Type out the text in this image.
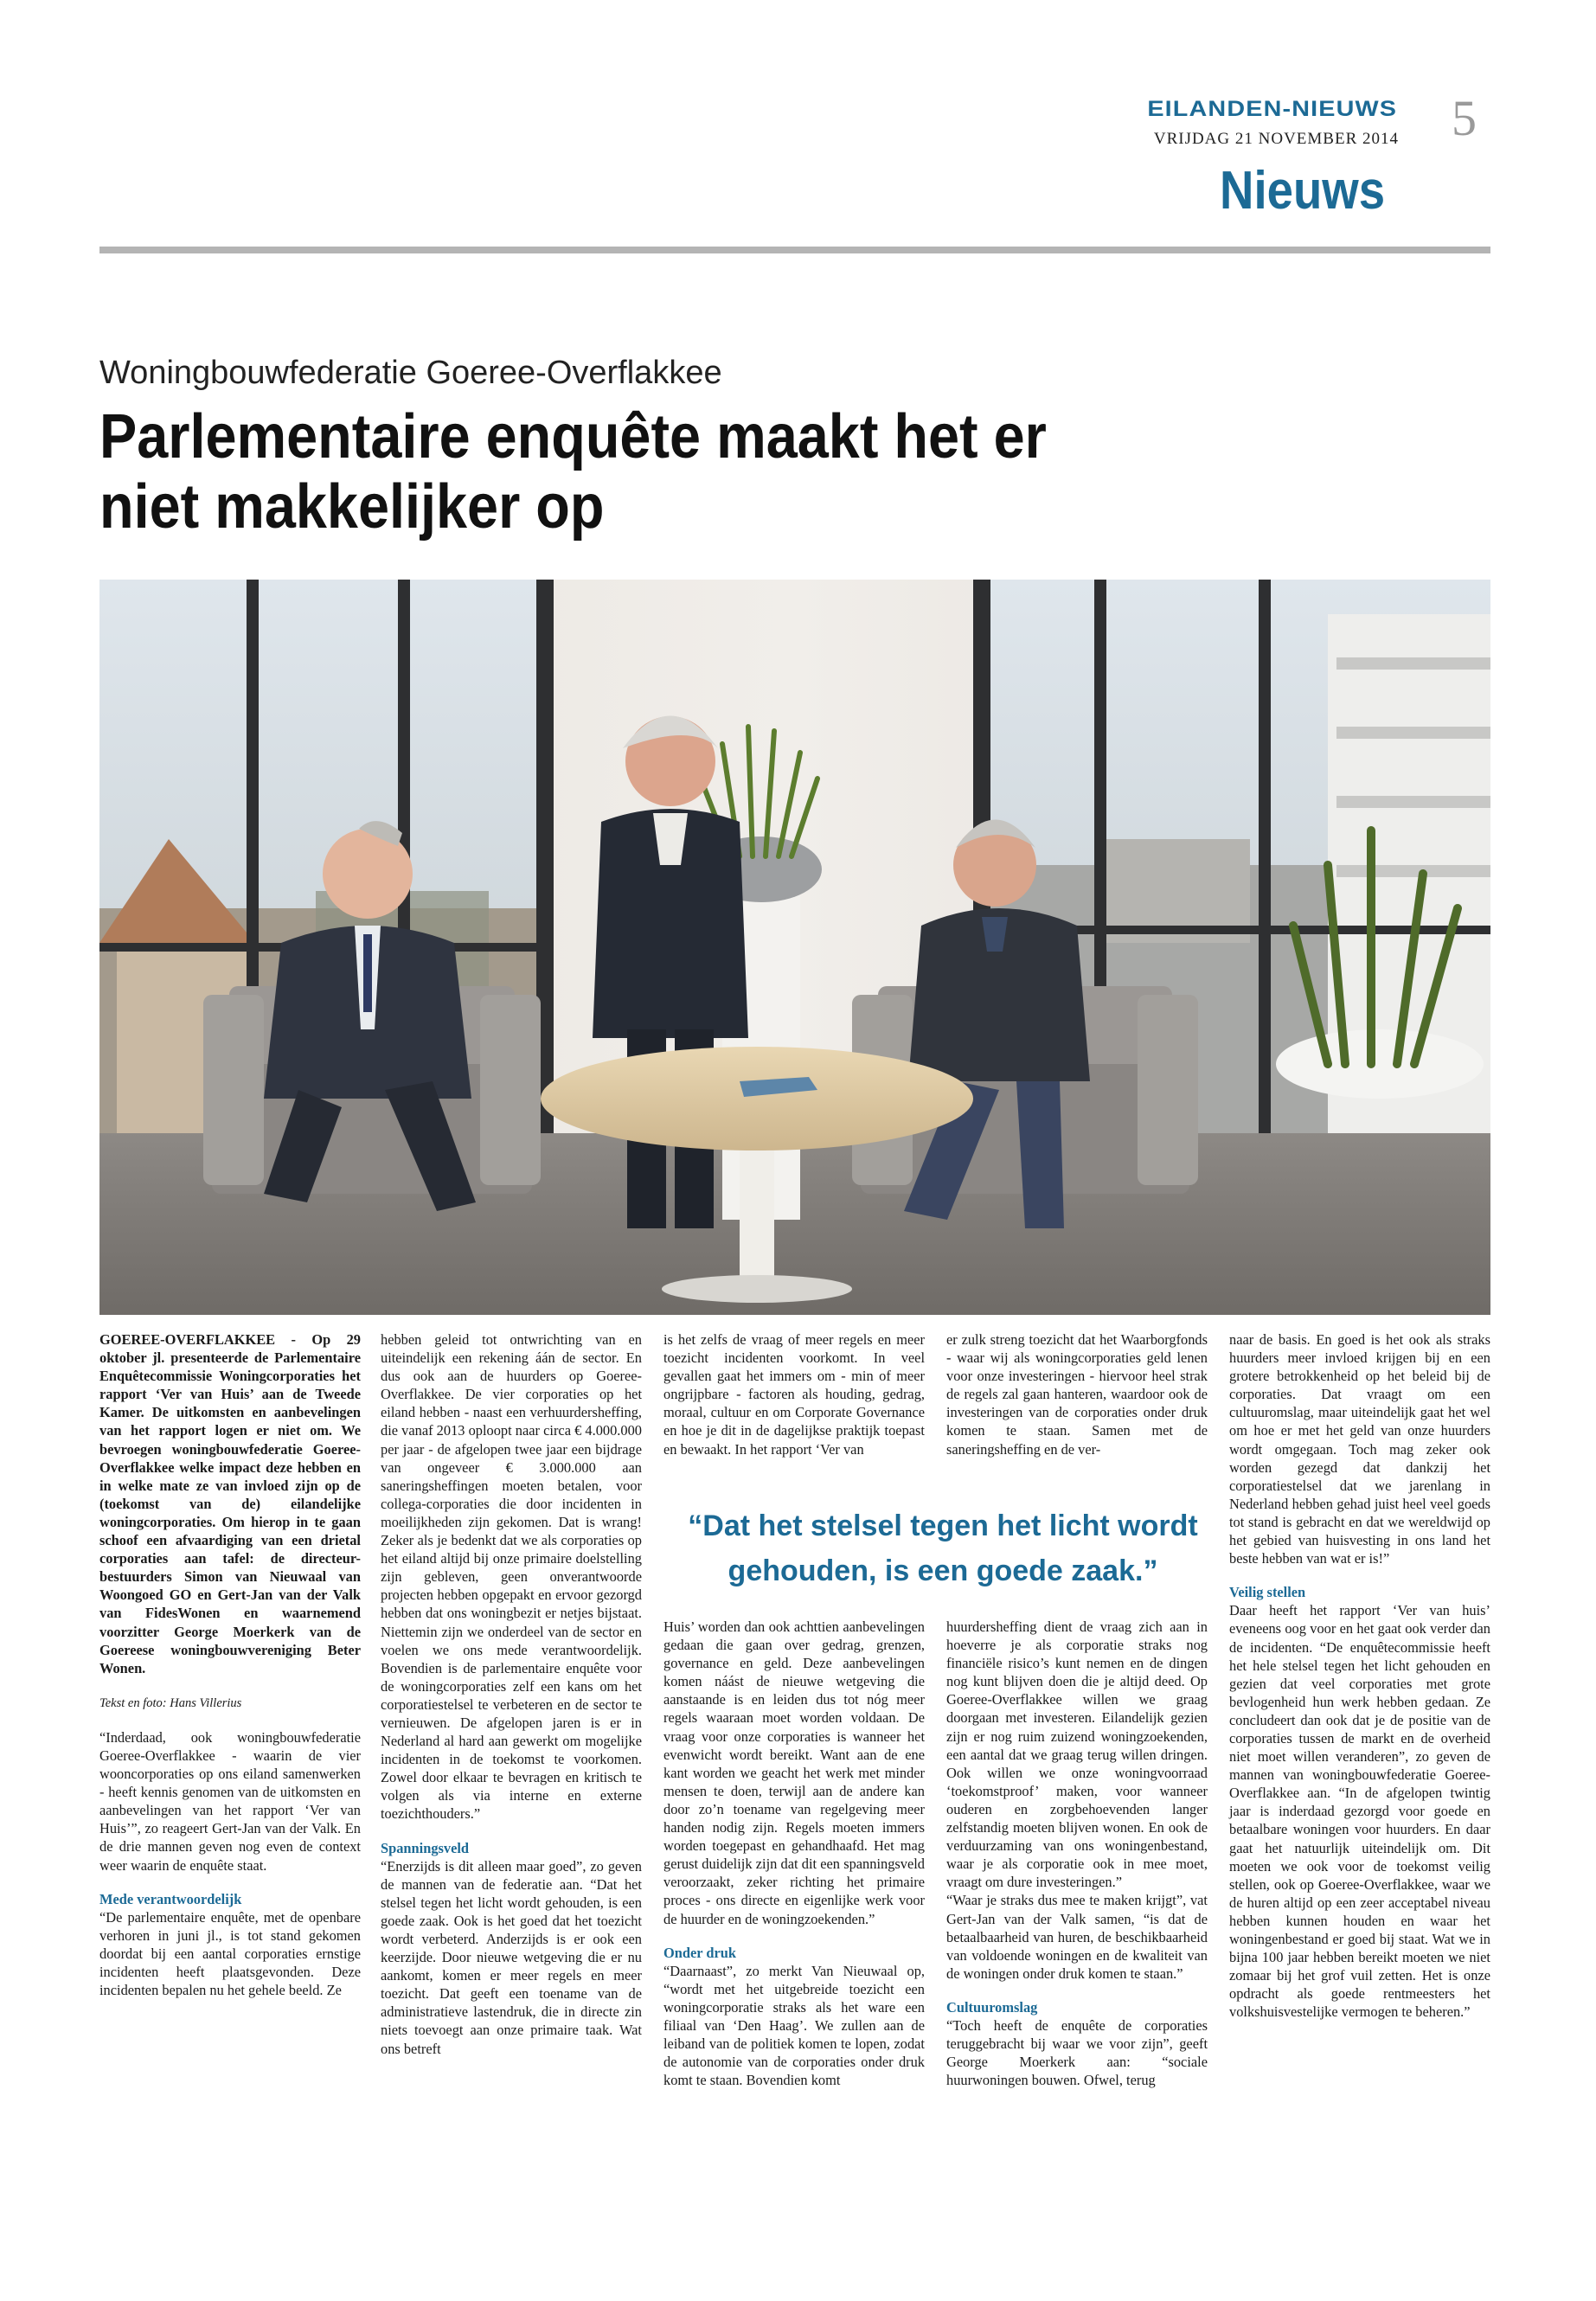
EILANDEN-NIEUWS
VRIJDAG 21 NOVEMBER 2014 5
Nieuws
Woningbouwfederatie Goeree-Overflakkee
Parlementaire enquête maakt het er niet makkelijker op

GOEREE-OVERFLAKKEE - Op 29 oktober jl. presenteerde de Parlementaire Enquêtecommissie Woningcorporaties het rapport ‘Ver van Huis’ aan de Tweede Kamer. De uitkomsten en aanbevelingen van het rapport logen er niet om. We bevroegen woningbouwfederatie Goeree-Overflakkee welke impact deze hebben en in welke mate ze van invloed zijn op de (toekomst van de) eilandelijke woningcorporaties. Om hierop in te gaan schoof een afvaardiging van een drietal corporaties aan tafel: de directeur-bestuurders Simon van Nieuwaal van Woongoed GO en Gert-Jan van der Valk van FidesWonen en waarnemend voorzitter George Moerkerk van de Goereese woningbouwvereniging Beter Wonen.

Tekst en foto: Hans Villerius

“Inderdaad, ook woningbouwfederatie Goeree-Overflakkee - waarin de vier wooncorporaties op ons eiland samenwerken - heeft kennis genomen van de uitkomsten en aanbevelingen van het rapport ‘Ver van Huis’”, zo reageert Gert-Jan van der Valk. En de drie mannen geven nog even de context weer waarin de enquête staat.

Mede verantwoordelijk

“De parlementaire enquête, met de openbare verhoren in juni jl., is tot stand gekomen doordat bij een aantal corporaties ernstige incidenten heeft plaatsgevonden. Deze incidenten bepalen nu het gehele beeld. Ze

hebben geleid tot ontwrichting van en uiteindelijk een rekening áán de sector. En dus ook aan de huurders op Goeree-Overflakkee. De vier corporaties op het eiland hebben - naast een verhuurdersheffing, die vanaf 2013 oploopt naar circa € 4.000.000 per jaar - de afgelopen twee jaar een bijdrage van ongeveer € 3.000.000 aan saneringsheffingen moeten betalen, voor collega-corporaties die door incidenten in moeilijkheden zijn gekomen. Dat is wrang! Zeker als je bedenkt dat we als corporaties op het eiland altijd bij onze primaire doelstelling zijn gebleven, geen onverantwoorde projecten hebben opgepakt en ervoor gezorgd hebben dat ons woningbezit er netjes bijstaat. Niettemin zijn we onderdeel van de sector en voelen we ons mede verantwoordelijk. Bovendien is de parlementaire enquête voor de woningcorporaties zelf een kans om het corporatiestelsel te verbeteren en de sector te vernieuwen. De afgelopen jaren is er in Nederland al hard aan gewerkt om mogelijke incidenten in de toekomst te voorkomen. Zowel door elkaar te bevragen en kritisch te volgen als via interne en externe toezichthouders.”

Spanningsveld

“Enerzijds is dit alleen maar goed”, zo geven de mannen van de federatie aan. “Dat het stelsel tegen het licht wordt gehouden, is een goede zaak. Ook is het goed dat het toezicht wordt verbeterd. Anderzijds is er ook een keerzijde. Door nieuwe wetgeving die er nu aankomt, komen er meer regels en meer toezicht. Dat geeft een toename van de administratieve lastendruk, die in directe zin niets toevoegt aan onze primaire taak. Wat ons betreft

is het zelfs de vraag of meer regels en meer toezicht incidenten voorkomt. In veel gevallen gaat het immers om - min of meer ongrijpbare - factoren als houding, gedrag, moraal, cultuur en om Corporate Governance en hoe je dit in de dagelijkse praktijk toepast en bewaakt. In het rapport ‘Ver van

er zulk streng toezicht dat het Waarborgfonds - waar wij als woningcorporaties geld lenen voor onze investeringen - hiervoor heel strak de regels zal gaan hanteren, waardoor ook de investeringen van de corporaties onder druk komen te staan. Samen met de saneringsheffing en de ver-

“Dat het stelsel tegen het licht wordt gehouden, is een goede zaak.”

Huis’ worden dan ook achttien aanbevelingen gedaan die gaan over gedrag, grenzen, governance en geld. Deze aanbevelingen komen náást de nieuwe wetgeving die aanstaande is en leiden dus tot nóg meer regels waaraan moet worden voldaan. De vraag voor onze corporaties is wanneer het evenwicht wordt bereikt. Want aan de ene kant worden we geacht het werk met minder mensen te doen, terwijl aan de andere kan door zo’n toename van regelgeving meer handen nodig zijn. Regels moeten immers worden toegepast en gehandhaafd. Het mag gerust duidelijk zijn dat dit een spanningsveld veroorzaakt, zeker richting het primaire proces - ons directe en eigenlijke werk voor de huurder en de woningzoekenden.”

Onder druk

“Daarnaast”, zo merkt Van Nieuwaal op, “wordt met het uitgebreide toezicht een woningcorporatie straks als het ware een filiaal van ‘Den Haag’. We zullen aan de leiband van de politiek komen te lopen, zodat de autonomie van de corporaties onder druk komt te staan. Bovendien komt

huurdersheffing dient de vraag zich aan in hoeverre je als corporatie straks nog financiële risico’s kunt nemen en de dingen nog kunt blijven doen die je altijd deed. Op Goeree-Overflakkee willen we graag doorgaan met investeren. Eilandelijk gezien zijn er nog ruim zuizend woningzoekenden, een aantal dat we graag terug willen dringen. Ook willen we onze woningvoorraad ‘toekomstproof’ maken, voor wanneer ouderen en zorgbehoevenden langer zelfstandig moeten blijven wonen. En ook de verduurzaming van ons woningenbestand, waar je als corporatie ook in mee moet, vraagt om dure investeringen.”

“Waar je straks dus mee te maken krijgt”, vat Gert-Jan van der Valk samen, “is dat de betaalbaarheid van huren, de beschikbaarheid van voldoende woningen en de kwaliteit van de woningen onder druk komen te staan.”

Cultuuromslag

“Toch heeft de enquête de corporaties teruggebracht bij waar we voor zijn”, geeft George Moerkerk aan: “sociale huurwoningen bouwen. Ofwel, terug

naar de basis. En goed is het ook als straks huurders meer invloed krijgen bij en een grotere betrokkenheid op het beleid bij de corporaties. Dat vraagt om een cultuuromslag, maar uiteindelijk gaat het wel om hoe er met het geld van onze huurders wordt omgegaan. Toch mag zeker ook worden gezegd dat dankzij het corporatiestelsel dat we jarenlang in Nederland hebben gehad juist heel veel goeds tot stand is gebracht en dat we wereldwijd op het gebied van huisvesting in ons land het beste hebben van wat er is!”

Veilig stellen

Daar heeft het rapport ‘Ver van huis’ eveneens oog voor en het gaat ook verder dan de incidenten. “De enquêtecommissie heeft het hele stelsel tegen het licht gehouden en gezien dat veel corporaties met grote bevlogenheid hun werk hebben gedaan. Ze concludeert dan ook dat je de positie van de corporaties tussen de markt en de overheid niet moet willen veranderen”, zo geven de mannen van woningbouwfederatie Goeree-Overflakkee aan. “In de afgelopen twintig jaar is inderdaad gezorgd voor goede en betaalbare woningen voor huurders. En daar gaat het natuurlijk uiteindelijk om. Dit moeten we ook voor de toekomst veilig stellen, ook op Goeree-Overflakkee, waar we de huren altijd op een zeer acceptabel niveau hebben kunnen houden en waar het woningenbestand er goed bij staat. Wat we in bijna 100 jaar hebben bereikt moeten we niet zomaar bij het grof vuil zetten. Het is onze opdracht als goede rentmeesters het volkshuisvestelijke vermogen te beheren.”
